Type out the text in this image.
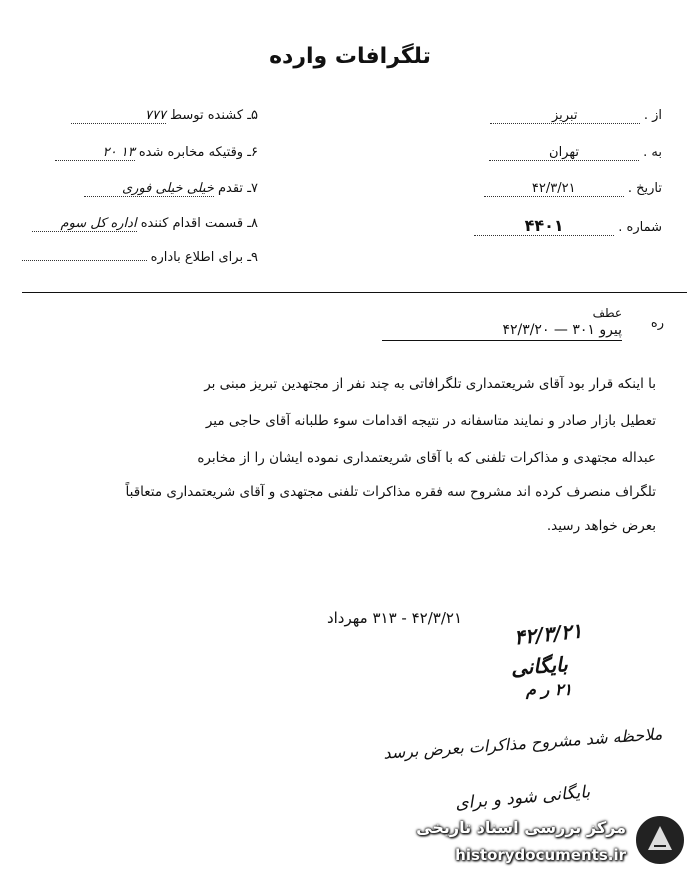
تلگرافات وارده
۵ـ کشنده توسط ۷۷۷
۶ـ وقتیکه مخابره شده ۱۳ ۲۰
۷ـ تقدم خیلی خیلی فوری
۸ـ قسمت اقدام کننده اداره کل سوم
۹ـ برای اطلاع باداره
از . تبریز
به . تهران
تاریخ . ۴۲/۳/۲۱
شماره . ۴۴۰۱
ره
عطف
پیرو ۳۰۱ — ۴۲/۳/۲۰
با اینکه قرار بود آقای شریعتمداری تلگرافاتی به چند نفر از مجتهدین تبریز مبنی بر
تعطیل بازار صادر و نمایند متاسفانه در نتیجه اقدامات سوء طلبانه آقای حاجی میر
عبداله مجتهدی و مذاکرات تلفنی که با آقای شریعتمداری نموده ایشان را از مخابره
تلگراف منصرف کرده اند مشروح سه فقره مذاکرات تلفنی مجتهدی و آقای شریعتمداری متعاقباً
بعرض خواهد رسید.
۴۲/۳/۲۱ - ۳۱۳ مهرداد
۴۲/۳/۲۱
بایگانی
۲۱ ر م
ملاحظه شد مشروح مذاکرات بعرض برسد
بایگانی شود و برای
مرکز بررسی اسناد تاریخی
historydocuments.ir
